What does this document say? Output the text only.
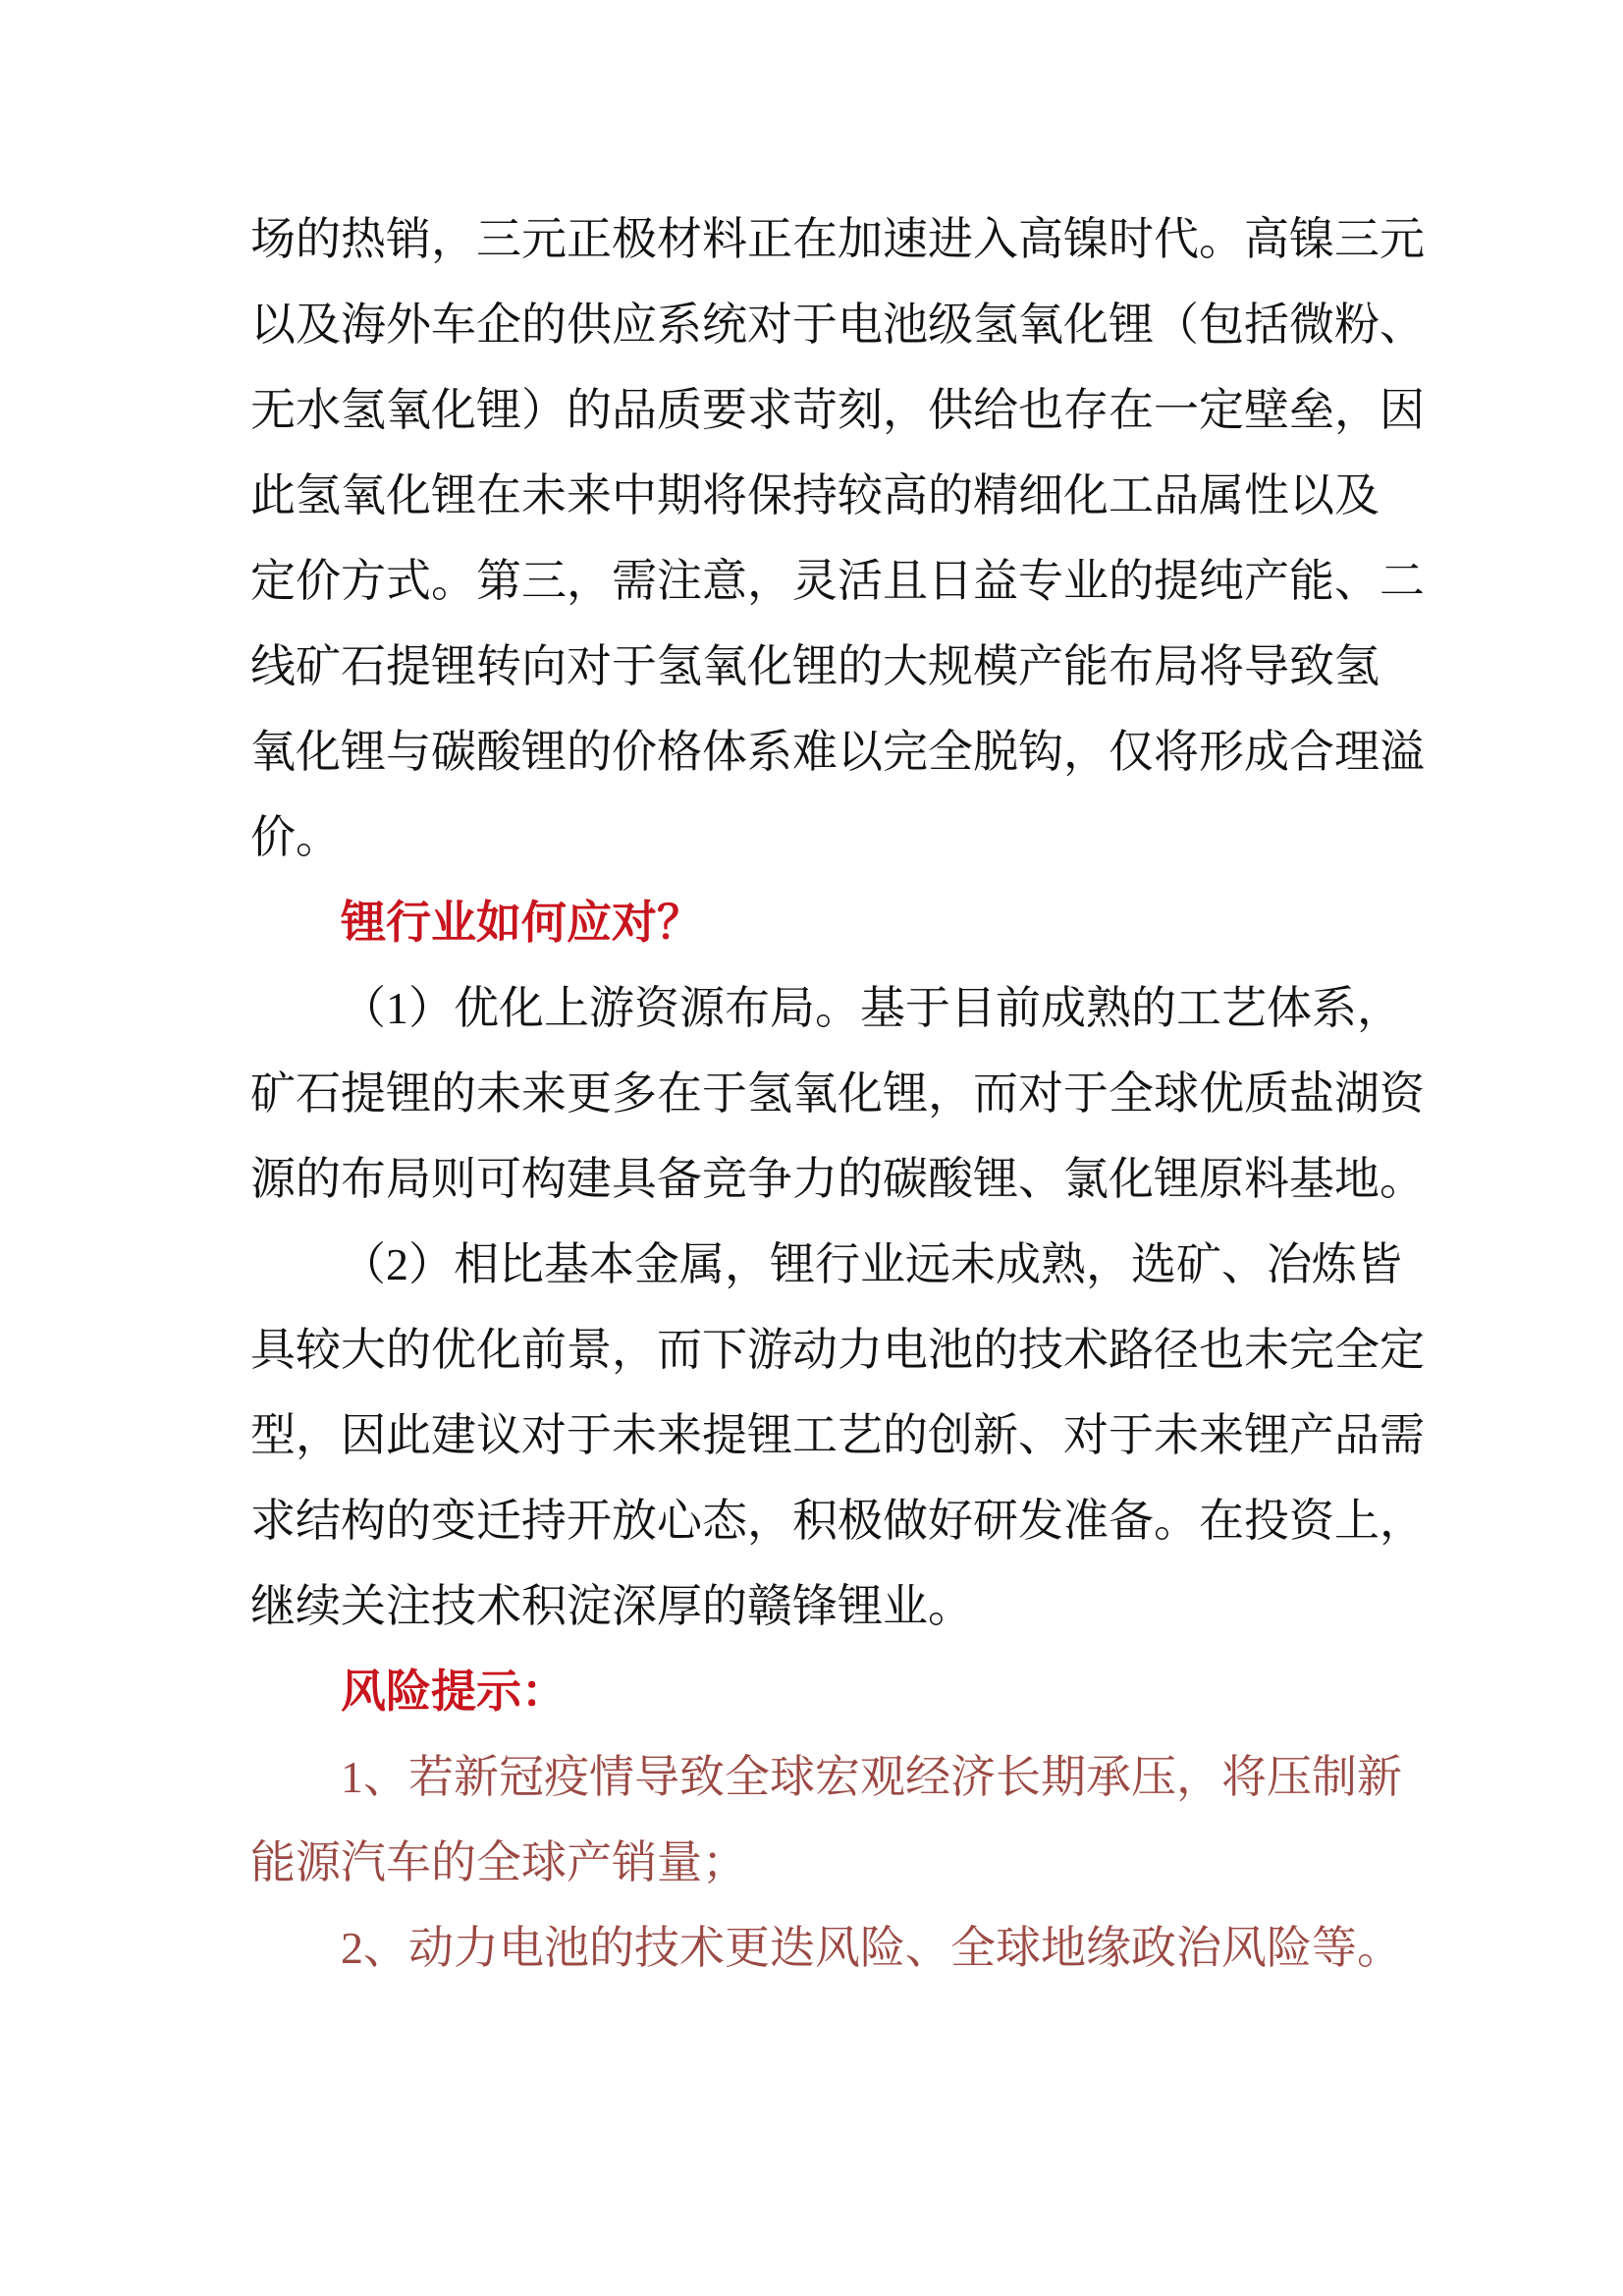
场的热销，三元正极材料正在加速进入高镍时代。高镍三元
以及海外车企的供应系统对于电池级氢氧化锂（包括微粉、
无水氢氧化锂）的品质要求苛刻，供给也存在一定壁垒，因
此氢氧化锂在未来中期将保持较高的精细化工品属性以及
定价方式。第三，需注意，灵活且日益专业的提纯产能、二
线矿石提锂转向对于氢氧化锂的大规模产能布局将导致氢
氧化锂与碳酸锂的价格体系难以完全脱钩，仅将形成合理溢
价。
锂行业如何应对？
（1）优化上游资源布局。基于目前成熟的工艺体系，
矿石提锂的未来更多在于氢氧化锂，而对于全球优质盐湖资
源的布局则可构建具备竞争力的碳酸锂、氯化锂原料基地。
（2）相比基本金属，锂行业远未成熟，选矿、冶炼皆
具较大的优化前景，而下游动力电池的技术路径也未完全定
型，因此建议对于未来提锂工艺的创新、对于未来锂产品需
求结构的变迁持开放心态，积极做好研发准备。在投资上，
继续关注技术积淀深厚的赣锋锂业。
风险提示：
1、若新冠疫情导致全球宏观经济长期承压，将压制新
能源汽车的全球产销量；
2、动力电池的技术更迭风险、全球地缘政治风险等。
